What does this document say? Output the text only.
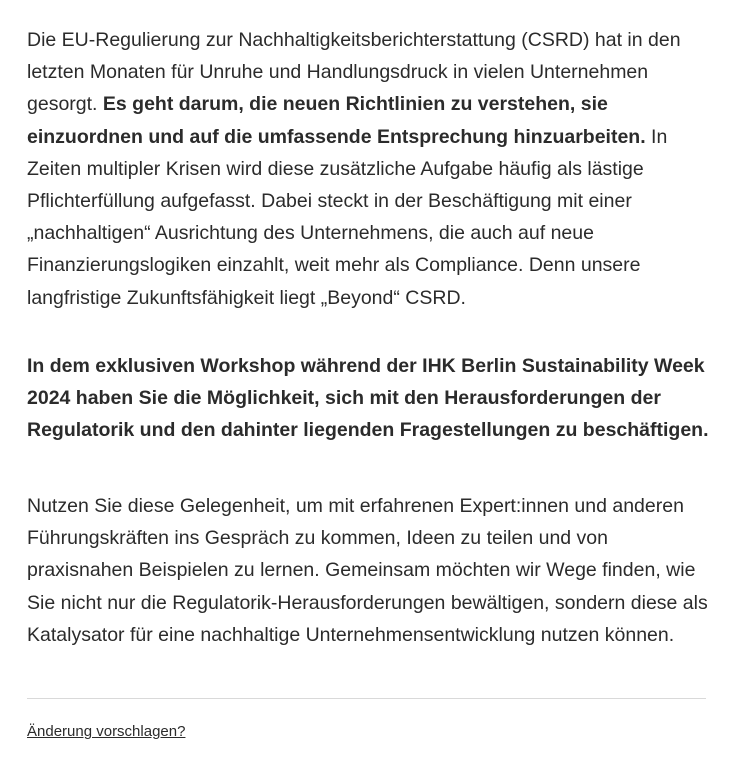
Die EU-Regulierung zur Nachhaltigkeitsberichterstattung (CSRD) hat in den letzten Monaten für Unruhe und Handlungsdruck in vielen Unternehmen gesorgt. Es geht darum, die neuen Richtlinien zu verstehen, sie einzuordnen und auf die umfassende Entsprechung hinzuarbeiten. In Zeiten multipler Krisen wird diese zusätzliche Aufgabe häufig als lästige Pflichterfüllung aufgefasst. Dabei steckt in der Beschäftigung mit einer „nachhaltigen“ Ausrichtung des Unternehmens, die auch auf neue Finanzierungslogiken einzahlt, weit mehr als Compliance. Denn unsere langfristige Zukunftsfähigkeit liegt „Beyond“ CSRD.

In dem exklusiven Workshop während der IHK Berlin Sustainability Week 2024 haben Sie die Möglichkeit, sich mit den Herausforderungen der Regulatorik und den dahinter liegenden Fragestellungen zu beschäftigen.

Nutzen Sie diese Gelegenheit, um mit erfahrenen Expert:innen und anderen Führungskräften ins Gespräch zu kommen, Ideen zu teilen und von praxisnahen Beispielen zu lernen. Gemeinsam möchten wir Wege finden, wie Sie nicht nur die Regulatorik-Herausforderungen bewältigen, sondern diese als Katalysator für eine nachhaltige Unternehmensentwicklung nutzen können.

Änderung vorschlagen?
